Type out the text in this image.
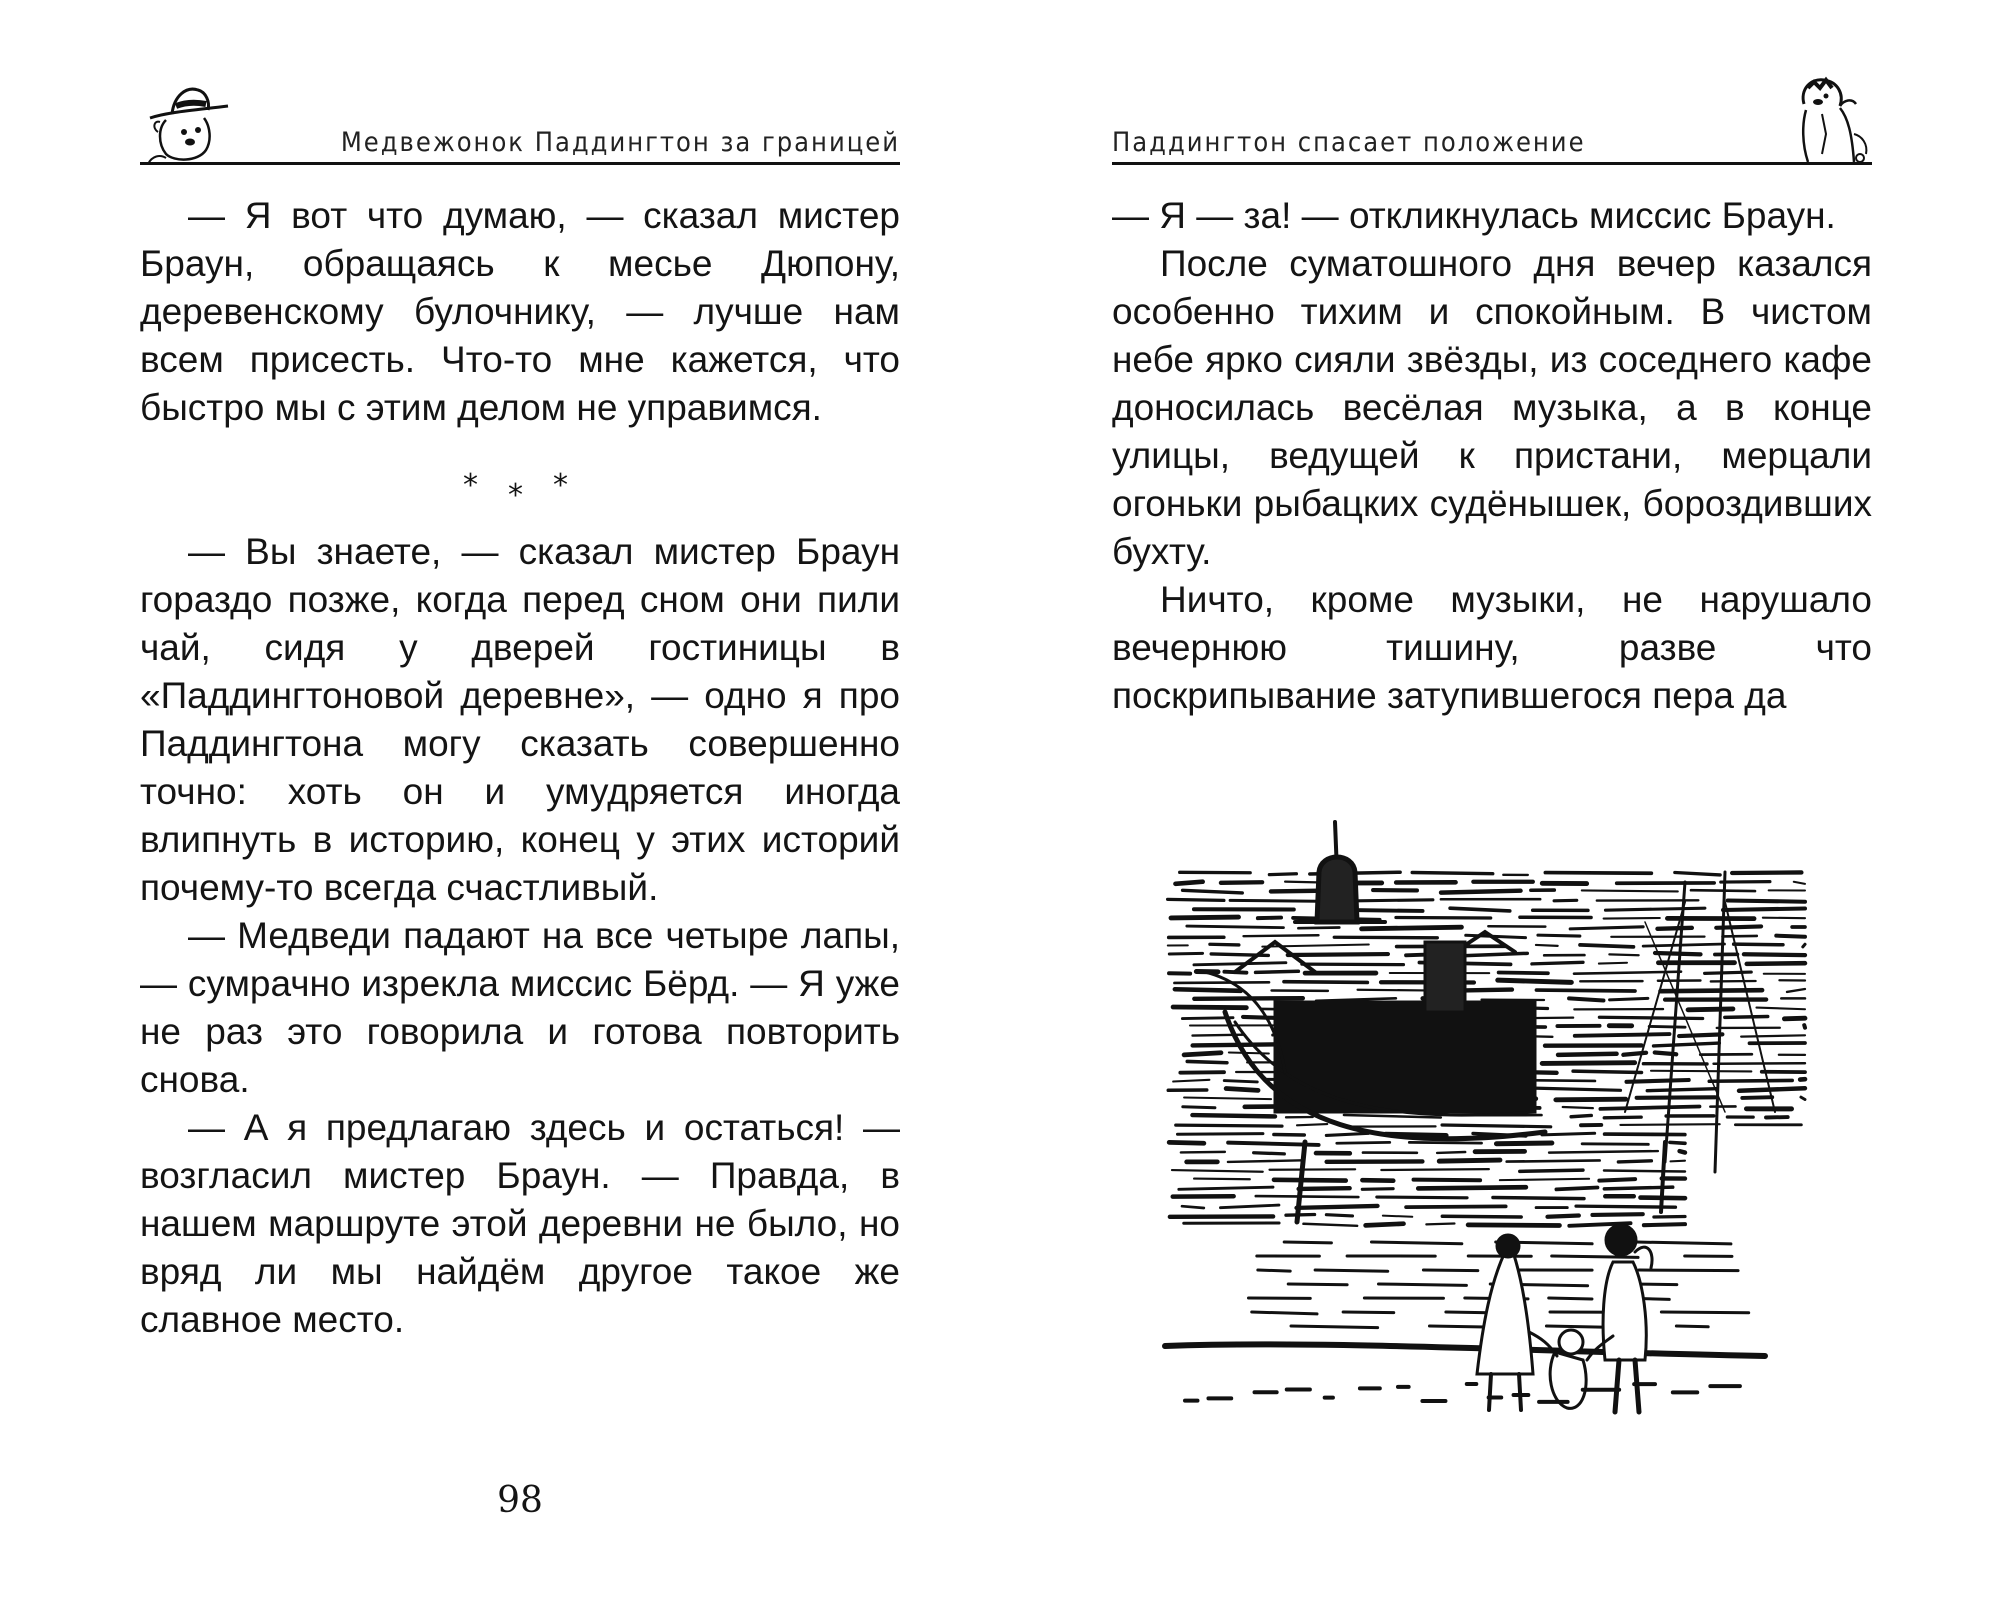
Медвежонок Паддингтон за границей

— Я вот что думаю, — сказал мистер Браун, обращаясь к месье Дюпону, деревенскому булочнику, — лучше нам всем присесть. Что-то мне кажется, что быстро мы с этим делом не управимся.

* * *

— Вы знаете, — сказал мистер Браун гораздо позже, когда перед сном они пили чай, сидя у дверей гостиницы в «Паддингтоновой деревне», — одно я про Паддингтона могу сказать совершенно точно: хоть он и умудряется иногда влипнуть в историю, конец у этих историй почему-то всегда счастливый.

— Медведи падают на все четыре лапы, — сумрачно изрекла миссис Бёрд. — Я уже не раз это говорила и готова повторить снова.

— А я предлагаю здесь и остаться! — возгласил мистер Браун. — Правда, в нашем маршруте этой деревни не было, но вряд ли мы найдём другое такое же славное место.

98
Паддингтон спасает положение

— Я — за! — откликнулась миссис Браун.

После суматошного дня вечер казался особенно тихим и спокойным. В чистом небе ярко сияли звёзды, из соседнего кафе доносилась весёлая музыка, а в конце улицы, ведущей к пристани, мерцали огоньки рыбацких судёнышек, бороздивших бухту.

Ничто, кроме музыки, не нарушало вечернюю тишину, разве что поскрипывание затупившегося пера да
